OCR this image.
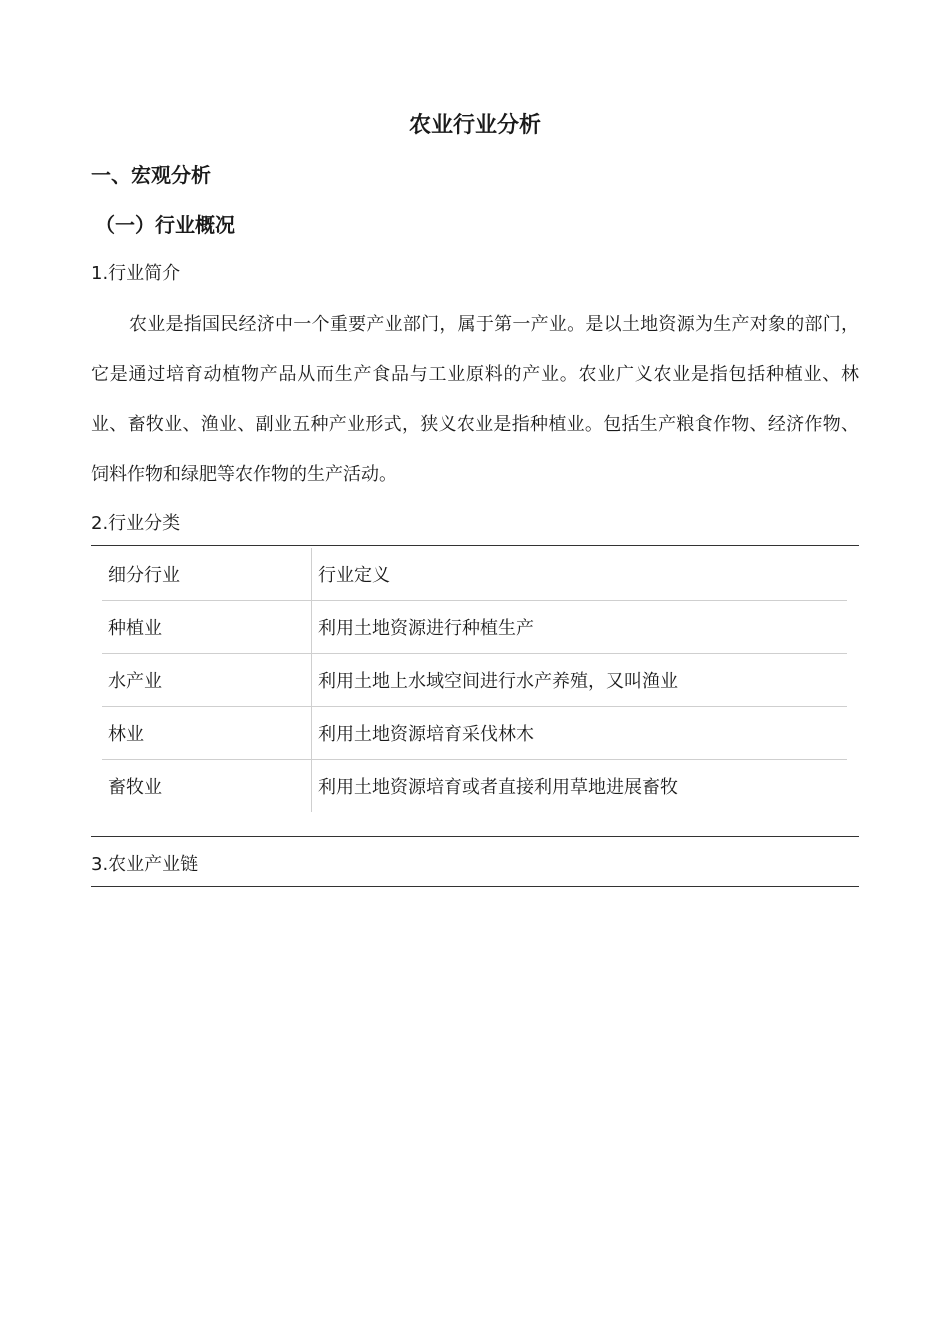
农业行业分析
一、宏观分析
（一）行业概况
1.行业简介

农业是指国民经济中一个重要产业部门，属于第一产业。是以土地资源为生产对象的部门，它是通过培育动植物产品从而生产食品与工业原料的产业。农业广义农业是指包括种植业、林业、畜牧业、渔业、副业五种产业形式，狭义农业是指种植业。包括生产粮食作物、经济作物、饲料作物和绿肥等农作物的生产活动。

2.行业分类
细分行业	行业定义
种植业	利用土地资源进行种植生产
水产业	利用土地上水域空间进行水产养殖，又叫渔业
林业	利用土地资源培育采伐林木
畜牧业	利用土地资源培育或者直接利用草地进展畜牧
3.农业产业链
